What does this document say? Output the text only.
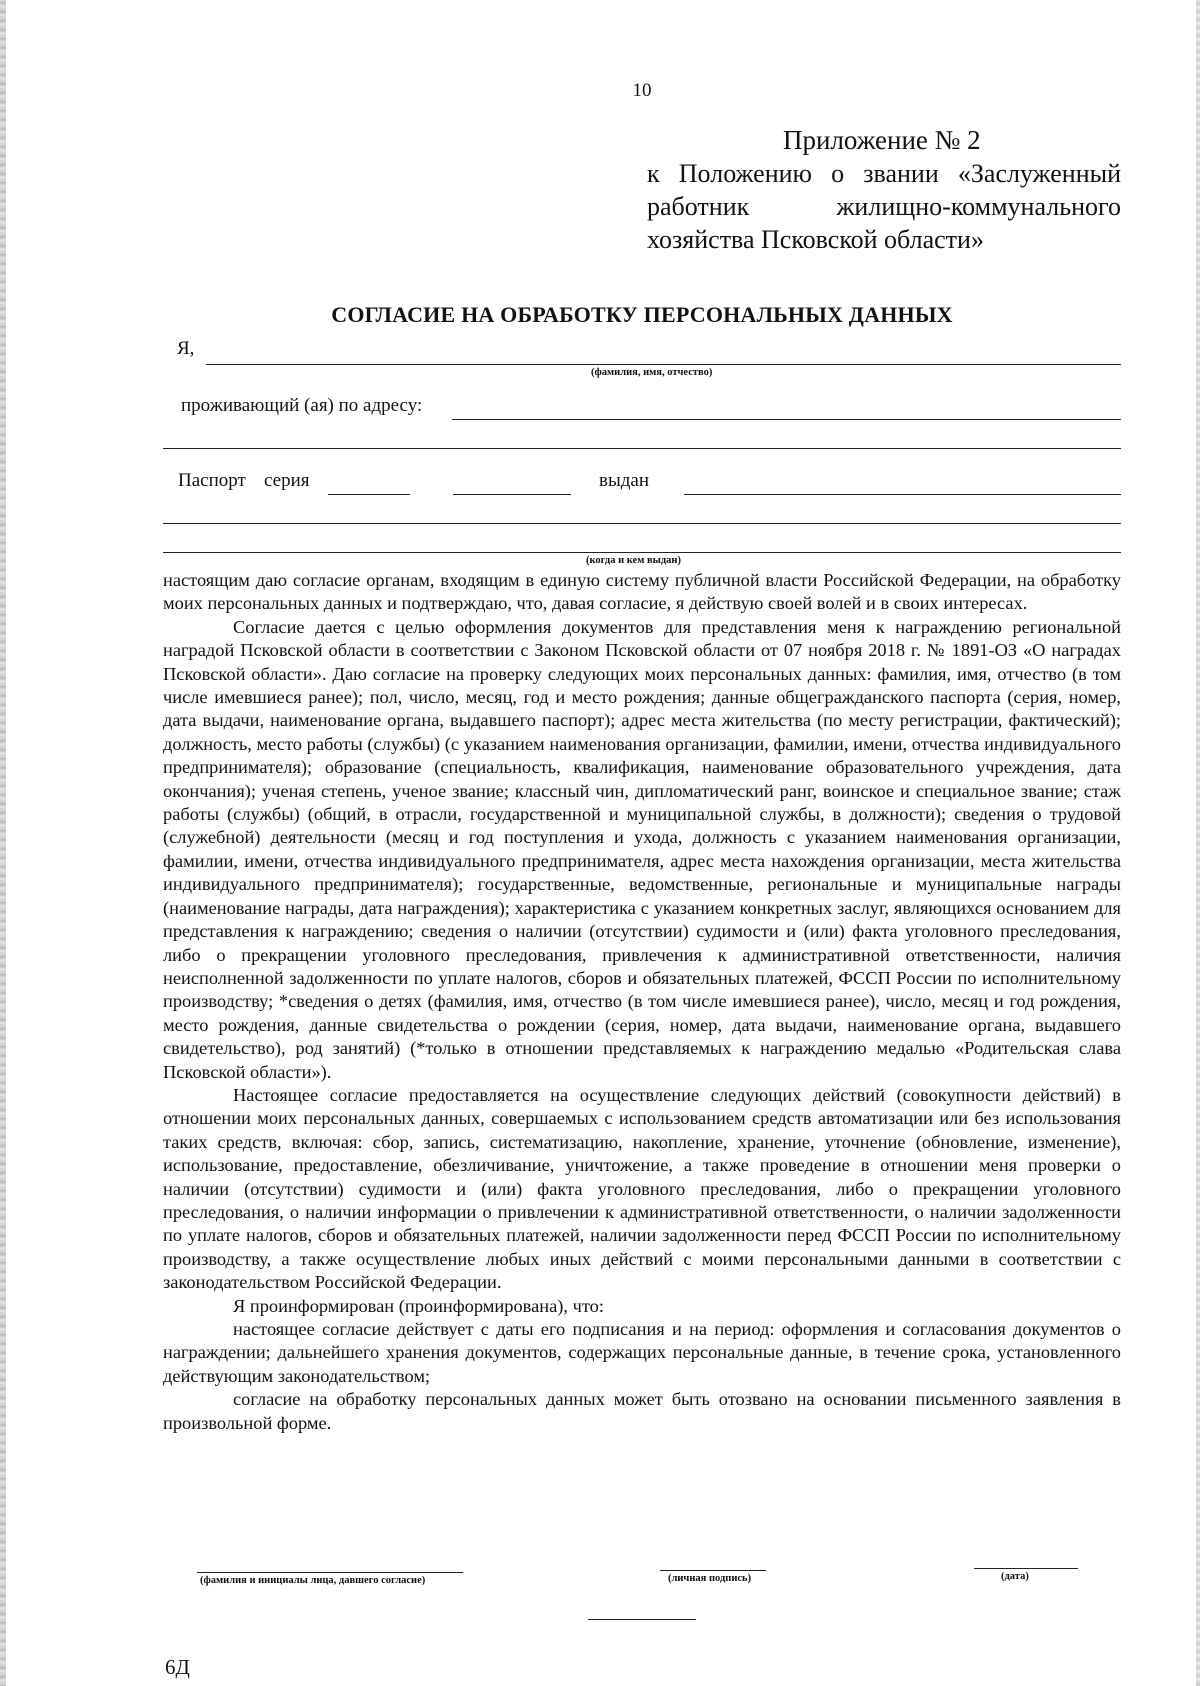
10
Приложение № 2
к Положению о звании «Заслуженный
работник жилищно-коммунального
хозяйства Псковской области»
СОГЛАСИЕ НА ОБРАБОТКУ ПЕРСОНАЛЬНЫХ ДАННЫХ
Я,
(фамилия, имя, отчество)
проживающий (ая) по адресу:
Паспорт серия	выдан
(когда и кем выдан)

настоящим даю согласие органам, входящим в единую систему публичной власти Российской Федерации, на обработку моих персональных данных и подтверждаю, что, давая согласие, я действую своей волей и в своих интересах.

Согласие дается с целью оформления документов для представления меня к награждению региональной наградой Псковской области в соответствии с Законом Псковской области от 07 ноября 2018 г. № 1891-ОЗ «О наградах Псковской области». Даю согласие на проверку следующих моих персональных данных: фамилия, имя, отчество (в том числе имевшиеся ранее); пол, число, месяц, год и место рождения; данные общегражданского паспорта (серия, номер, дата выдачи, наименование органа, выдавшего паспорт); адрес места жительства (по месту регистрации, фактический); должность, место работы (службы) (с указанием наименования организации, фамилии, имени, отчества индивидуального предпринимателя); образование (специальность, квалификация, наименование образовательного учреждения, дата окончания); ученая степень, ученое звание; классный чин, дипломатический ранг, воинское и специальное звание; стаж работы (службы) (общий, в отрасли, государственной и муниципальной службы, в должности); сведения о трудовой (служебной) деятельности (месяц и год поступления и ухода, должность с указанием наименования организации, фамилии, имени, отчества индивидуального предпринимателя, адрес места нахождения организации, места жительства индивидуального предпринимателя); государственные, ведомственные, региональные и муниципальные награды (наименование награды, дата награждения); характеристика с указанием конкретных заслуг, являющихся основанием для представления к награждению; сведения о наличии (отсутствии) судимости и (или) факта уголовного преследования, либо о прекращении уголовного преследования, привлечения к административной ответственности, наличия неисполненной задолженности по уплате налогов, сборов и обязательных платежей, ФССП России по исполнительному производству; *сведения о детях (фамилия, имя, отчество (в том числе имевшиеся ранее), число, месяц и год рождения, место рождения, данные свидетельства о рождении (серия, номер, дата выдачи, наименование органа, выдавшего свидетельство), род занятий) (*только в отношении представляемых к награждению медалью «Родительская слава Псковской области»).

Настоящее согласие предоставляется на осуществление следующих действий (совокупности действий) в отношении моих персональных данных, совершаемых с использованием средств автоматизации или без использования таких средств, включая: сбор, запись, систематизацию, накопление, хранение, уточнение (обновление, изменение), использование, предоставление, обезличивание, уничтожение, а также проведение в отношении меня проверки о наличии (отсутствии) судимости и (или) факта уголовного преследования, либо о прекращении уголовного преследования, о наличии информации о привлечении к административной ответственности, о наличии задолженности по уплате налогов, сборов и обязательных платежей, наличии задолженности перед ФССП России по исполнительному производству, а также осуществление любых иных действий с моими персональными данными в соответствии с законодательством Российской Федерации.

Я проинформирован (проинформирована), что:

настоящее согласие действует с даты его подписания и на период: оформления и согласования документов о награждении; дальнейшего хранения документов, содержащих персональные данные, в течение срока, установленного действующим законодательством;

согласие на обработку персональных данных может быть отозвано на основании письменного заявления в произвольной форме.

(фамилия и инициалы лица, давшего согласие)	(личная подпись)	(дата)
6Д
